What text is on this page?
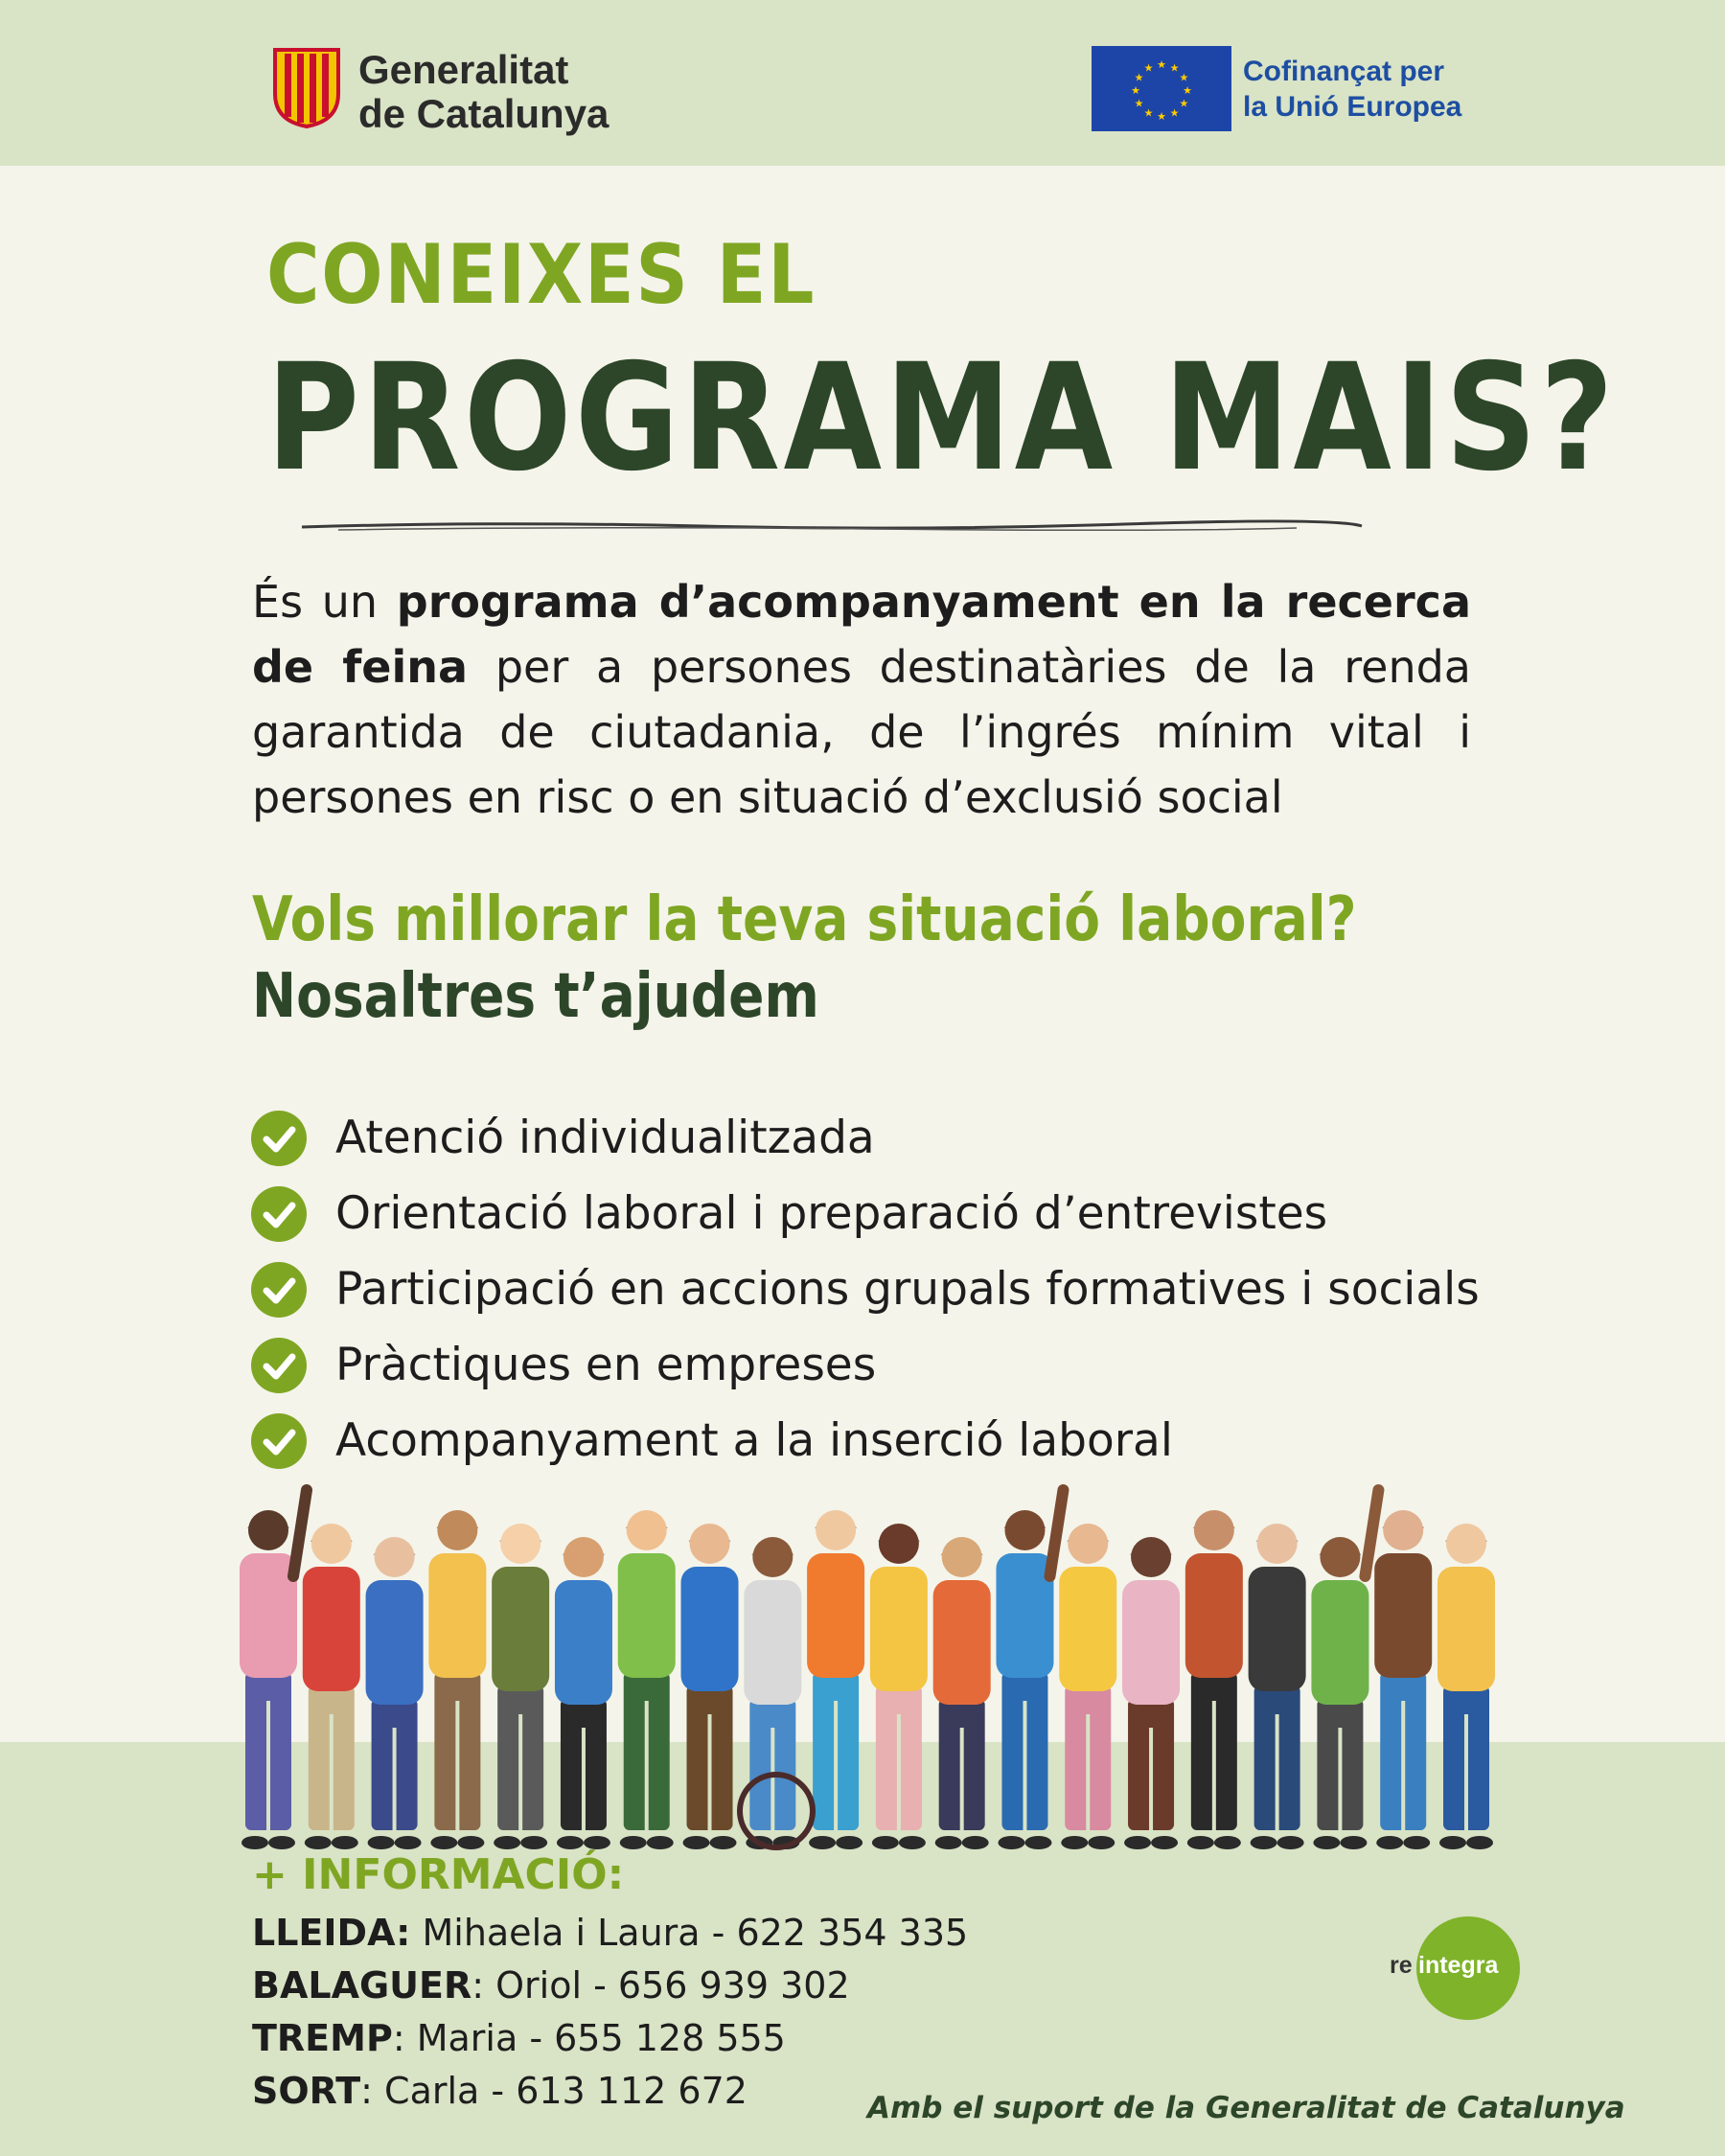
Generalitat
de Catalunya
★ ★
★
★
★
★
★
★
★
★
★
★	Cofinançat per
la Unió Europea
CONEIXES EL
PROGRAMA MAIS?

És un programa d’acompanyament en la recerca de feina per a persones destinatàries de la renda garantida de ciutadania, de l’ingrés mínim vital i persones en risc o en situació d’exclusió social

Vols millorar la teva situació laboral?
Nosaltres t’ajudem
Atenció individualitzada
Orientació laboral i preparació d’entrevistes
Participació en accions grupals formatives i socials
Pràctiques en empreses
Acompanyament a la inserció laboral
+ INFORMACIÓ:
LLEIDA: Mihaela i Laura - 622 354 335
BALAGUER: Oriol - 656 939 302
TREMP: Maria - 655 128 555
SORT: Carla - 613 112 672
re integra
Amb el suport de la Generalitat de Catalunya
